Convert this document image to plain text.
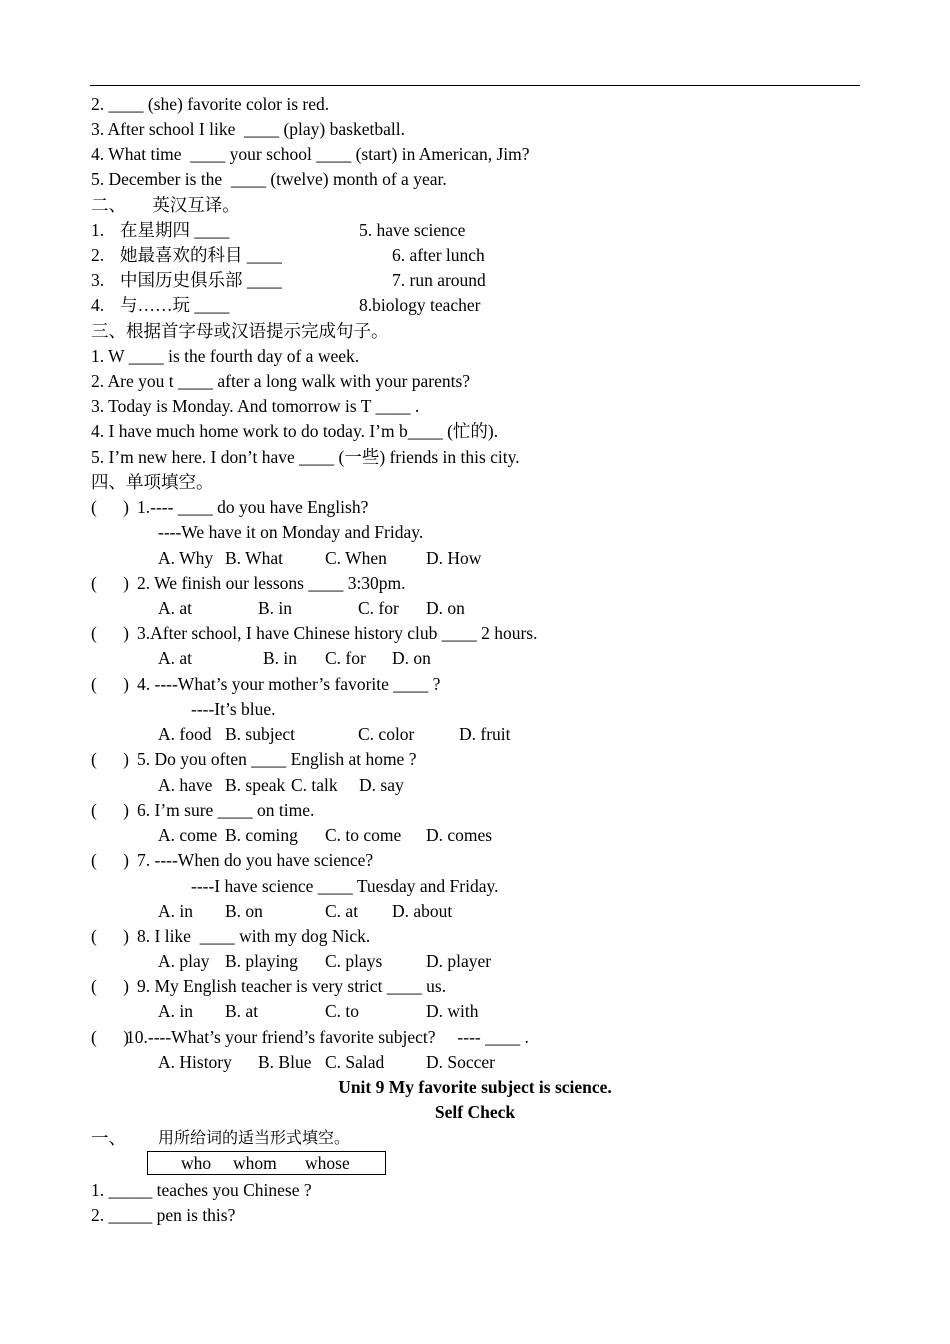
2. ____ (she) favorite color is red.
3. After school I like  ____ (play) basketball.
4. What time  ____ your school ____ (start) in American, Jim?
5. December is the  ____ (twelve) month of a year.
二、　　英汉互译。
1. 在星期四 ____	5. have science
2. 她最喜欢的科目 ____	6. after lunch
3. 中国历史俱乐部 ____	7. run around
4. 与……玩 ____	8.biology teacher
三、根据首字母或汉语提示完成句子。
1. W ____ is the fourth day of a week.
2. Are you t ____ after a long walk with your parents?
3. Today is Monday. And tomorrow is T ____ .
4. I have much home work to do today. I’m b____ (忙的).
5. I’m new here. I don’t have ____ (一些) friends in this city.
四、单项填空。
(      ) 1.---- ____ do you have English?
----We have it on Monday and Friday.
A. Why B. What C. When D. How
(      ) 2. We finish our lessons ____ 3:30pm.
A. at	B. in	C. for D. on
(      ) 3.After school, I have Chinese history club ____ 2 hours.
A. at	B. in C. for D. on
(      ) 4. ----What’s your mother’s favorite ____ ?
----It’s blue.
A. food B. subject	C. color	D. fruit
(      ) 5. Do you often ____ English at home ?
A. have B. speak C. talk D. say
(      ) 6. I’m sure ____ on time.
A. come B. coming C. to come D. comes
(      ) 7. ----When do you have science?
----I have science ____ Tuesday and Friday.
A. in B. on	C. at D. about
(      ) 8. I like  ____ with my dog Nick.
A. play B. playing C. plays D. player
(      ) 9. My English teacher is very strict ____ us.
A. in B. at	C. to	D. with
(      )
10.----What’s your friend’s favorite subject?     ---- ____ .
A. History B. Blue C. Salad D. Soccer
Unit 9 My favorite subject is science.
Self Check
一、 用所给词的适当形式填空。
who whom whose
1. _____ teaches you Chinese ?
2. _____ pen is this?
